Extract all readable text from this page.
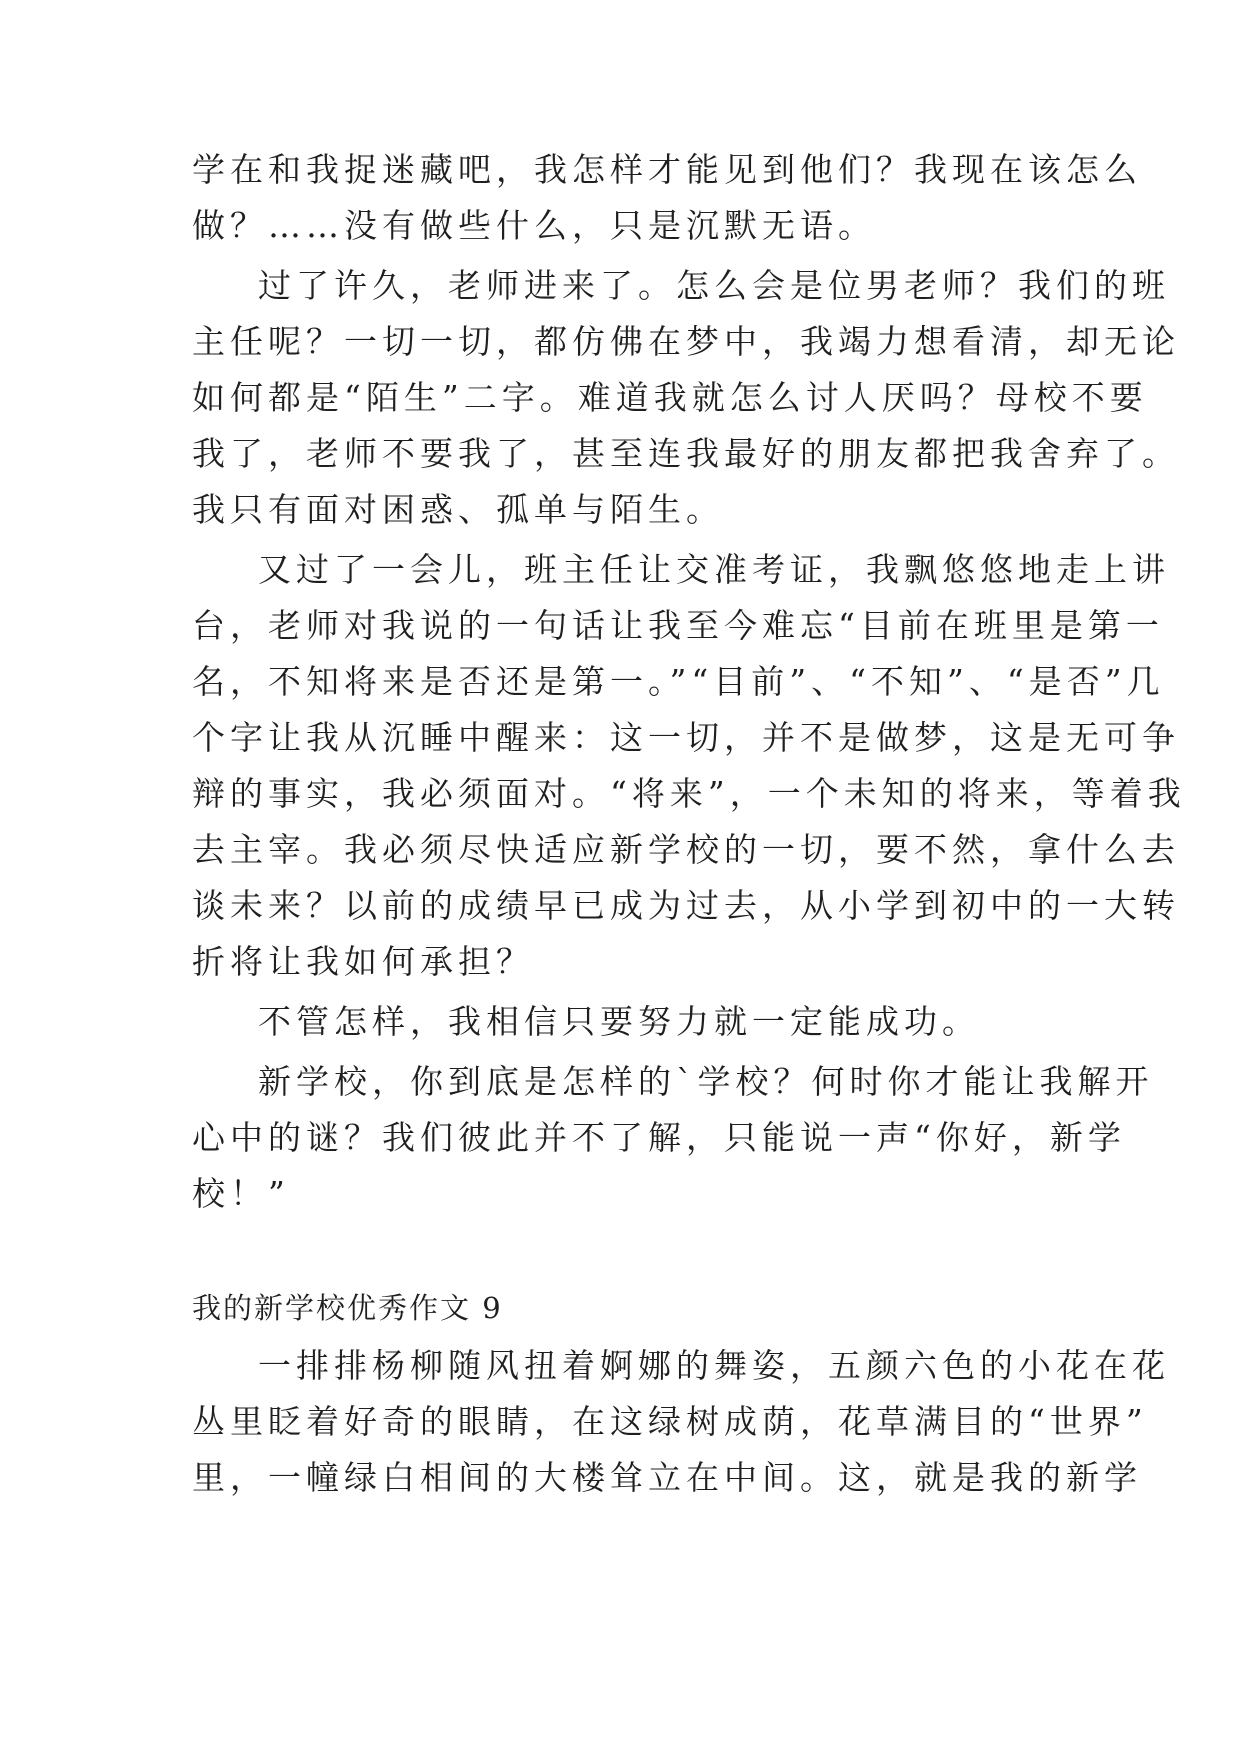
学在和我捉迷藏吧，我怎样才能见到他们？我现在该怎么

做？……没有做些什么，只是沉默无语。

过了许久，老师进来了。怎么会是位男老师？我们的班

主任呢？一切一切，都仿佛在梦中，我竭力想看清，却无论

如何都是“陌生”二字。难道我就怎么讨人厌吗？母校不要

我了，老师不要我了，甚至连我最好的朋友都把我舍弃了。

我只有面对困惑、孤单与陌生。

又过了一会儿，班主任让交准考证，我飘悠悠地走上讲

台，老师对我说的一句话让我至今难忘“目前在班里是第一

名，不知将来是否还是第一。”“目前”、“不知”、“是否”几

个字让我从沉睡中醒来：这一切，并不是做梦，这是无可争

辩的事实，我必须面对。“将来”，一个未知的将来，等着我

去主宰。我必须尽快适应新学校的一切，要不然，拿什么去

谈未来？以前的成绩早已成为过去，从小学到初中的一大转

折将让我如何承担？

不管怎样，我相信只要努力就一定能成功。

新学校，你到底是怎样的`学校？何时你才能让我解开

心中的谜？我们彼此并不了解，只能说一声“你好，新学

校！”

我的新学校优秀作文 9

一排排杨柳随风扭着婀娜的舞姿，五颜六色的小花在花

丛里眨着好奇的眼睛，在这绿树成荫，花草满目的“世界”

里，一幢绿白相间的大楼耸立在中间。这，就是我的新学
